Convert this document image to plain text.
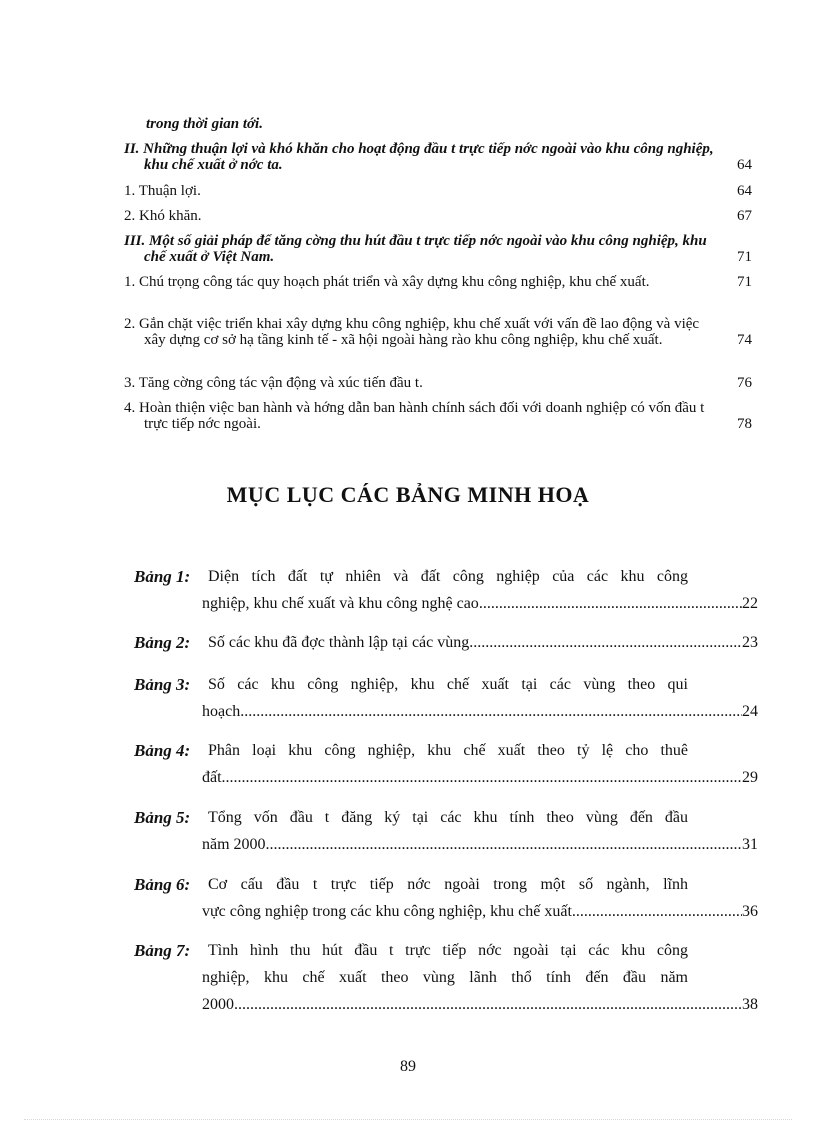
trong thời gian tới.
II. Những thuận lợi và khó khăn cho hoạt động đầu t trực tiếp nớc ngoài vào khu công nghiệp, khu chế xuất ở nớc ta.	64
1. Thuận lợi.	64
2. Khó khăn.	67
III. Một số giải pháp để tăng cờng thu hút đầu t trực tiếp nớc ngoài vào khu công nghiệp, khu chế xuất ở Việt Nam.	71
1. Chú trọng công tác quy hoạch phát triển và xây dựng khu công nghiệp, khu chế xuất.	71
2. Gắn chặt việc triển khai xây dựng khu công nghiệp, khu chế xuất với vấn đề lao động và việc xây dựng cơ sở hạ tầng kinh tế - xã hội ngoài hàng rào khu công nghiệp, khu chế xuất.	74
3. Tăng cờng công tác vận động và xúc tiến đầu t.	76
4. Hoàn thiện việc ban hành và hớng dẫn ban hành chính sách đối với doanh nghiệp có vốn đầu t trực tiếp nớc ngoài.	78
MỤC LỤC CÁC BẢNG MINH HOẠ
Bảng 1:	Diện tích đất tự nhiên và đất công nghiệp của các khu công
nghiệp, khu chế xuất và khu công nghệ cao .....	22
Bảng 2: Số các khu đã đợc thành lập tại các vùng. .....	23
Bảng 3:	Số các khu công nghiệp, khu chế xuất tại các vùng theo qui
hoạch. .....	24
Bảng 4:	Phân loại khu công nghiệp, khu chế xuất theo tỷ lệ cho thuê
đất. .....	29
Bảng 5:	Tổng vốn đầu t đăng ký tại các khu tính theo vùng đến đầu
năm 2000. .....	31
Bảng 6:	Cơ cấu đầu t trực tiếp nớc ngoài trong một số ngành, lĩnh
vực công nghiệp trong các khu công nghiệp, khu chế xuất. .....	36
Bảng 7:	Tình hình thu hút đầu t trực tiếp nớc ngoài tại các khu công
nghiệp, khu chế xuất theo vùng lãnh thổ tính đến đầu năm
2000. .....	38
89
